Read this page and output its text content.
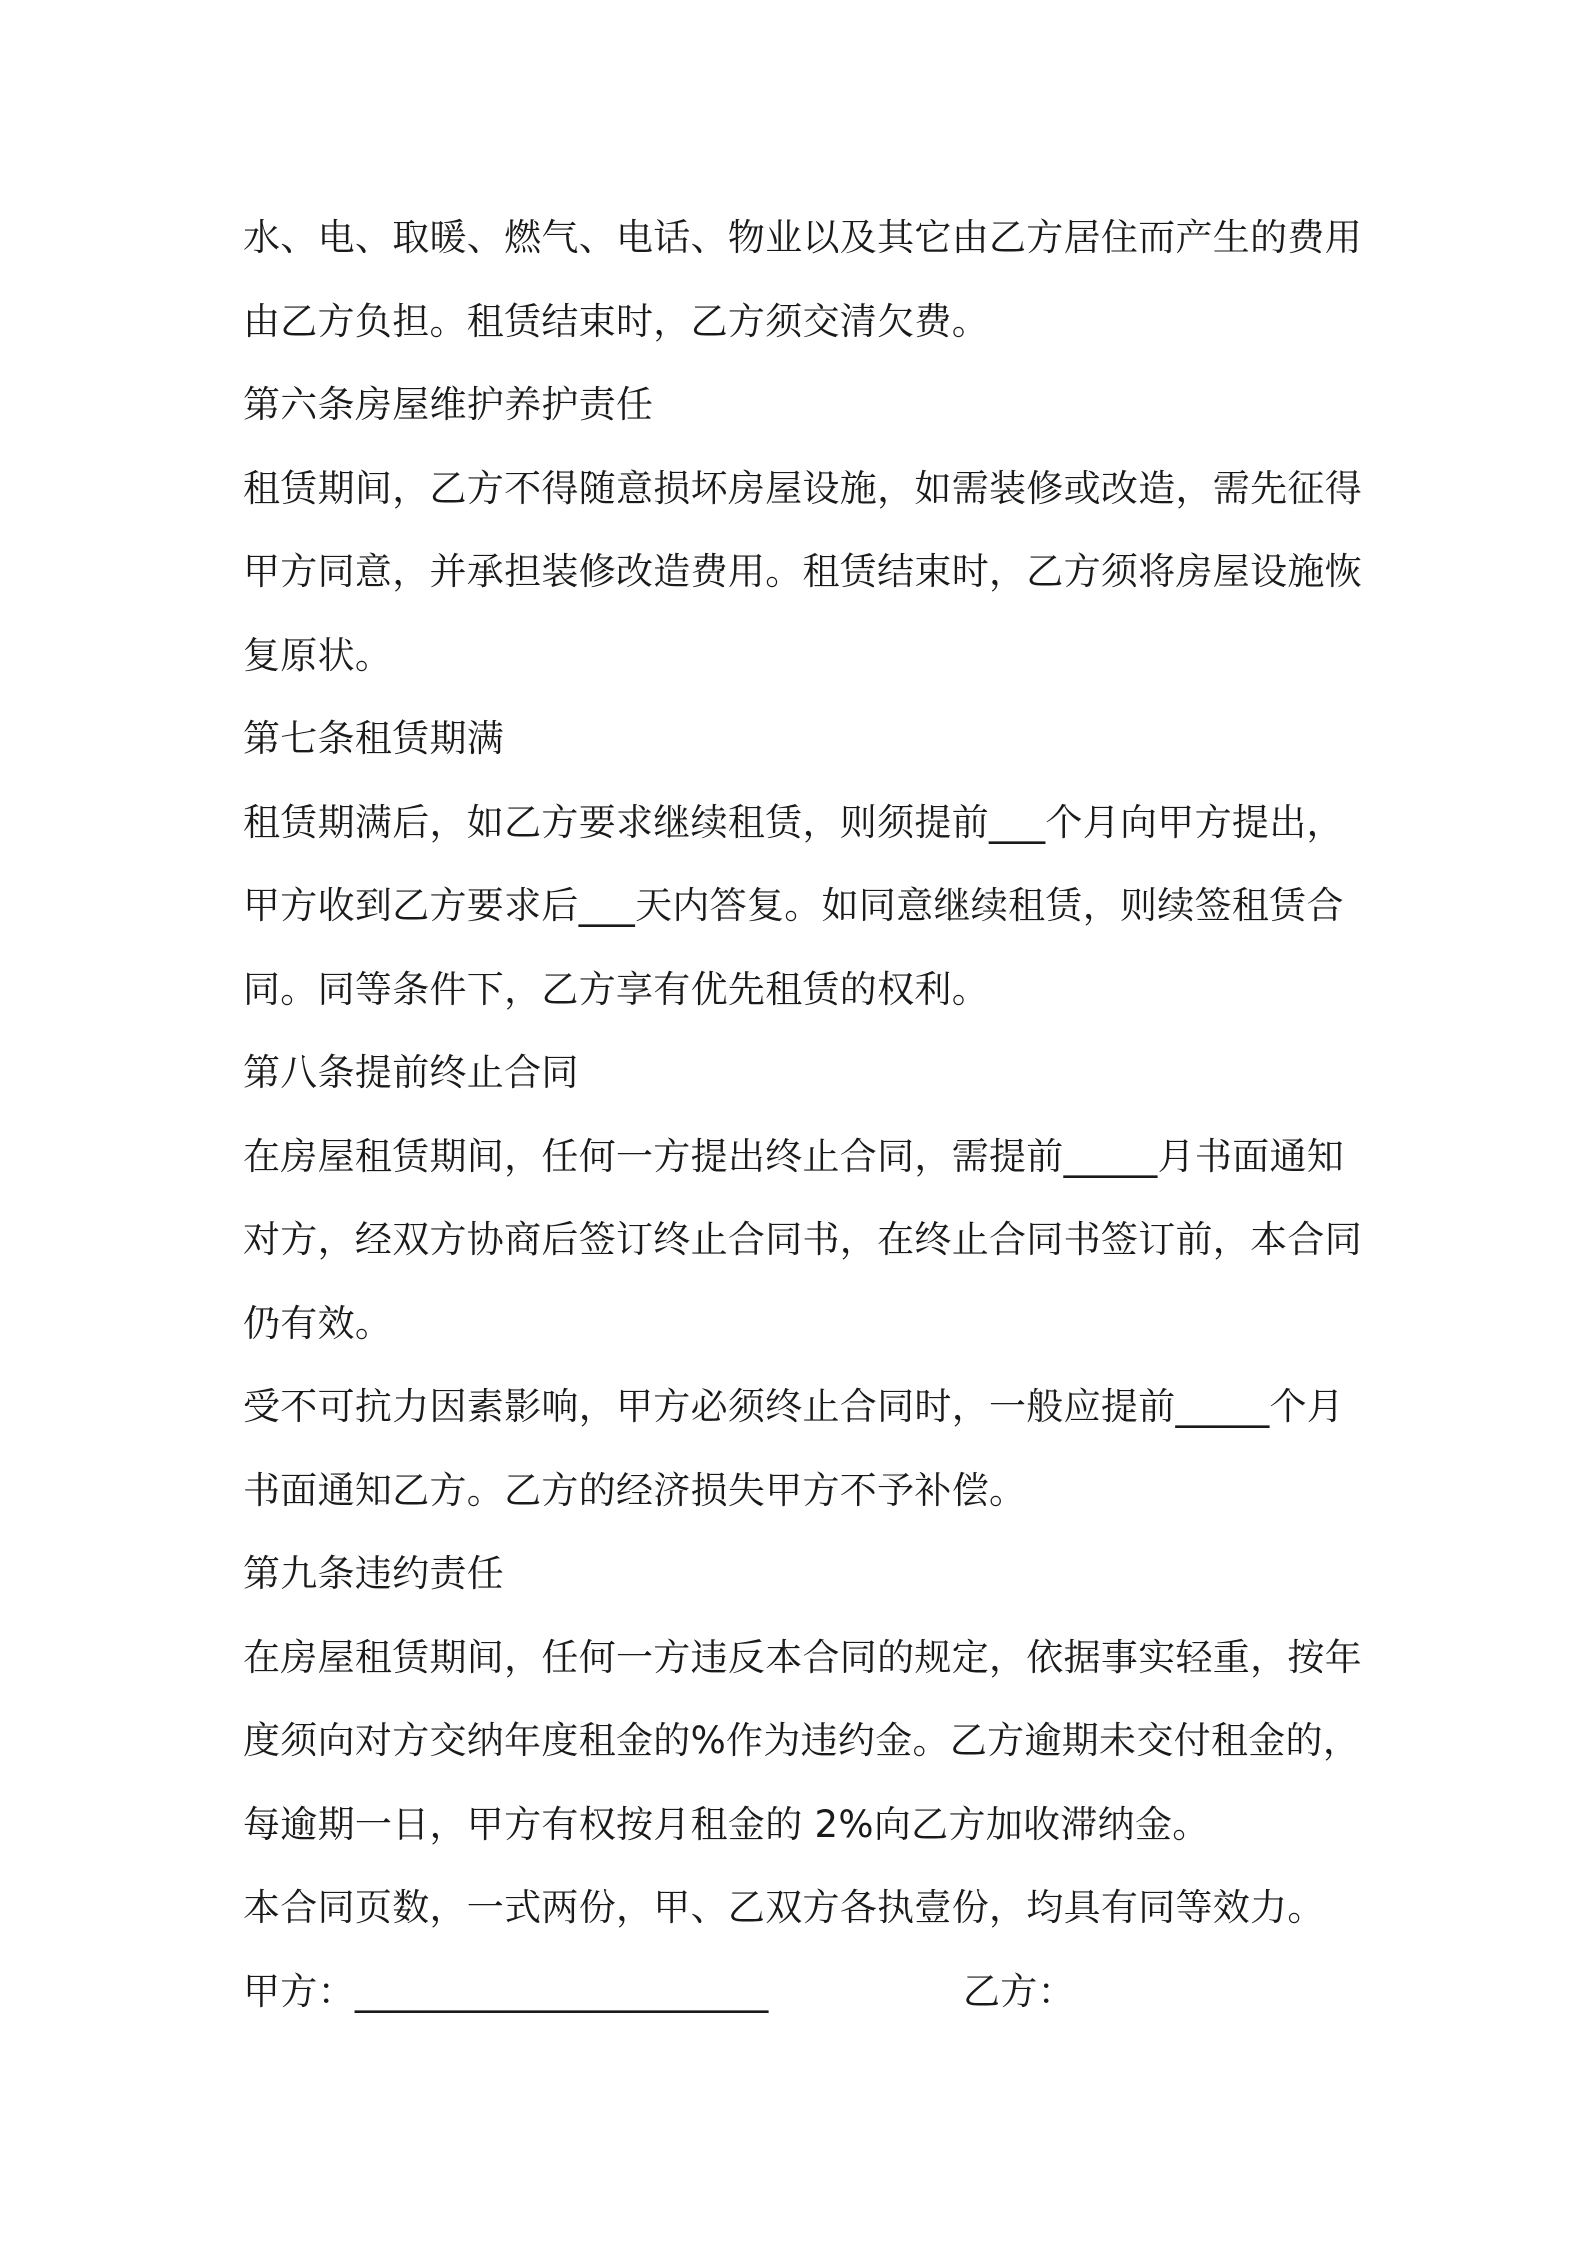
水、电、取暖、燃气、电话、物业以及其它由乙方居住而产生的费用
由乙方负担。租赁结束时，乙方须交清欠费。
第六条房屋维护养护责任
租赁期间，乙方不得随意损坏房屋设施，如需装修或改造，需先征得
甲方同意，并承担装修改造费用。租赁结束时，乙方须将房屋设施恢
复原状。
第七条租赁期满
租赁期满后，如乙方要求继续租赁，则须提前___个月向甲方提出，
甲方收到乙方要求后___天内答复。如同意继续租赁，则续签租赁合
同。同等条件下，乙方享有优先租赁的权利。
第八条提前终止合同
在房屋租赁期间，任何一方提出终止合同，需提前_____月书面通知
对方，经双方协商后签订终止合同书，在终止合同书签订前，本合同
仍有效。
受不可抗力因素影响，甲方必须终止合同时，一般应提前_____个月
书面通知乙方。乙方的经济损失甲方不予补偿。
第九条违约责任
在房屋租赁期间，任何一方违反本合同的规定，依据事实轻重，按年
度须向对方交纳年度租金的%作为违约金。乙方逾期未交付租金的，
每逾期一日，甲方有权按月租金的 2%向乙方加收滞纳金。
本合同页数，一式两份，甲、乙双方各执壹份，均具有同等效力。
甲方：______________________	乙方：
